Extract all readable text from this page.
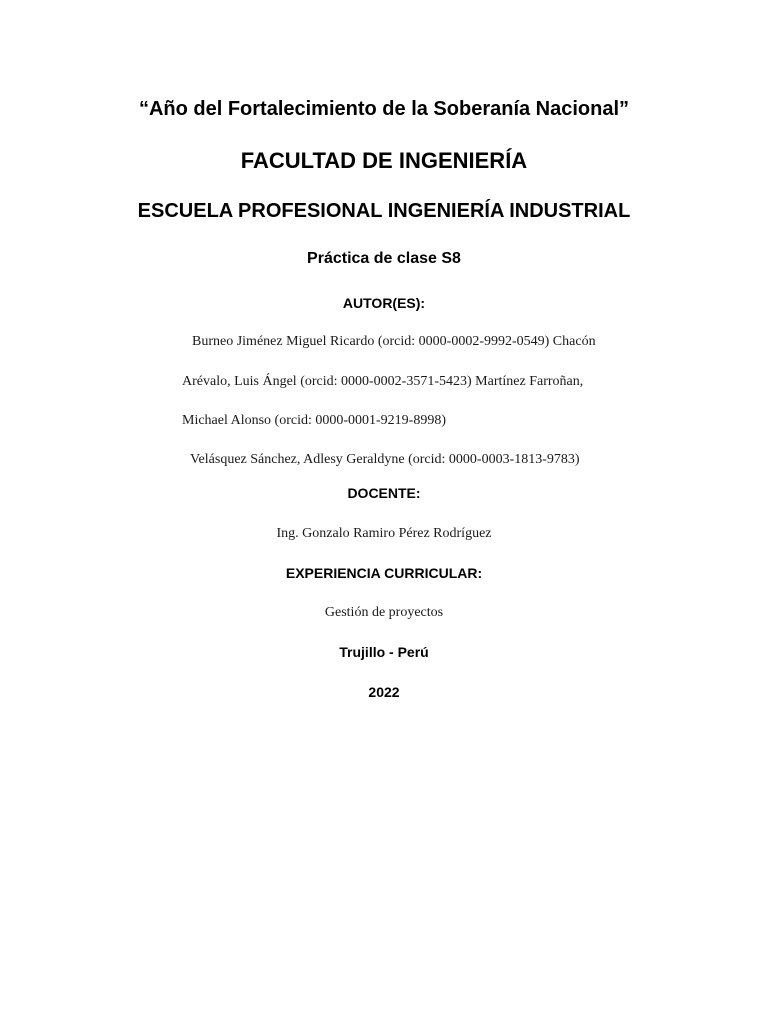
“Año del Fortalecimiento de la Soberanía Nacional”
FACULTAD DE INGENIERÍA
ESCUELA PROFESIONAL INGENIERÍA INDUSTRIAL
Práctica de clase S8
AUTOR(ES):
Burneo Jiménez Miguel Ricardo (orcid: 0000-0002-9992-0549) Chacón
Arévalo, Luis Ángel (orcid: 0000-0002-3571-5423) Martínez Farroñan,
Michael Alonso (orcid: 0000-0001-9219-8998)
Velásquez Sánchez, Adlesy Geraldyne (orcid: 0000-0003-1813-9783)
DOCENTE:
Ing. Gonzalo Ramiro Pérez Rodríguez
EXPERIENCIA CURRICULAR:
Gestión de proyectos
Trujillo - Perú
2022
